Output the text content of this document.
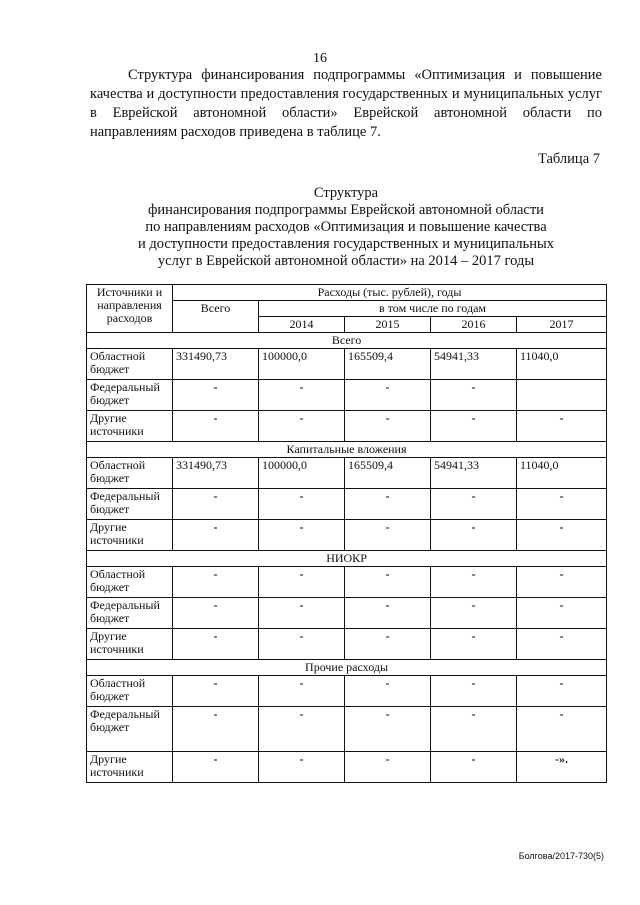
16

Структура финансирования подпрограммы «Оптимизация и повышение качества и доступности предоставления государственных и муниципальных услуг в Еврейской автономной области» Еврейской автономной области по направлениям расходов приведена в таблице 7.

Таблица 7
Структура
финансирования подпрограммы Еврейской автономной области
по направлениям расходов «Оптимизация и повышение качества
и доступности предоставления государственных и муниципальных
услуг в Еврейской автономной области» на 2014 – 2017 годы
Источники и направления расходов	Расходы (тыс. рублей), годы				
	Всего	в том числе по годам			
		2014	2015	2016	2017
Всего					
Областной бюджет	331490,73	100000,0	165509,4	54941,33	11040,0
Федеральный бюджет	-	-	-	-	
Другие источники	-	-	-	-	-
Капитальные вложения					
Областной бюджет	331490,73	100000,0	165509,4	54941,33	11040,0
Федеральный бюджет	-	-	-	-	-
Другие источники	-	-	-	-	-
НИОКР					
Областной бюджет	-	-	-	-	-
Федеральный бюджет	-	-	-	-	-
Другие источники	-	-	-	-	-
Прочие расходы					
Областной бюджет	-	-	-	-	-
Федеральный бюджет	-	-	-	-	-
Другие источники	-	-	-	-	-».
Болгова/2017-730(5)
